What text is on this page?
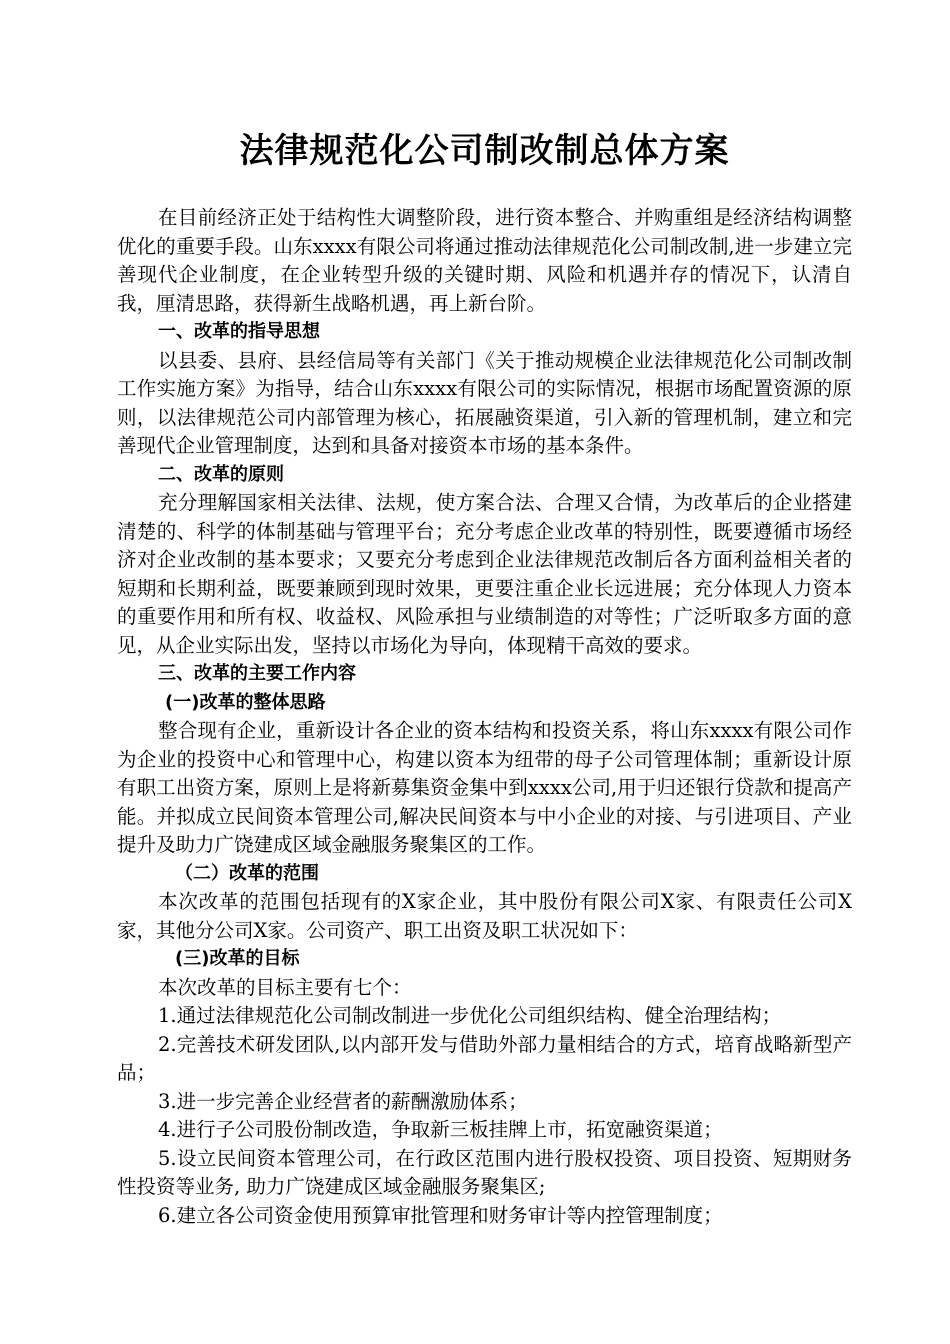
法律规范化公司制改制总体方案

在目前经济正处于结构性大调整阶段，进行资本整合、并购重组是经济结构调整优化的重要手段。山东xxxx有限公司将通过推动法律规范化公司制改制,进一步建立完善现代企业制度，在企业转型升级的关键时期、风险和机遇并存的情况下，认清自我，厘清思路，获得新生战略机遇，再上新台阶。

一、改革的指导思想

以县委、县府、县经信局等有关部门《关于推动规模企业法律规范化公司制改制工作实施方案》为指导，结合山东xxxx有限公司的实际情况，根据市场配置资源的原则，以法律规范公司内部管理为核心，拓展融资渠道，引入新的管理机制，建立和完善现代企业管理制度，达到和具备对接资本市场的基本条件。

二、改革的原则

充分理解国家相关法律、法规，使方案合法、合理又合情，为改革后的企业搭建清楚的、科学的体制基础与管理平台；充分考虑企业改革的特别性，既要遵循市场经济对企业改制的基本要求；又要充分考虑到企业法律规范改制后各方面利益相关者的短期和长期利益，既要兼顾到现时效果，更要注重企业长远进展；充分体现人力资本的重要作用和所有权、收益权、风险承担与业绩制造的对等性；广泛听取多方面的意见，从企业实际出发，坚持以市场化为导向，体现精干高效的要求。

三、改革的主要工作内容
(一)改革的整体思路

整合现有企业，重新设计各企业的资本结构和投资关系，将山东xxxx有限公司作为企业的投资中心和管理中心，构建以资本为纽带的母子公司管理体制；重新设计原有职工出资方案，原则上是将新募集资金集中到xxxx公司,用于归还银行贷款和提高产能。并拟成立民间资本管理公司,解决民间资本与中小企业的对接、与引进项目、产业提升及助力广饶建成区域金融服务聚集区的工作。

（二）改革的范围

本次改革的范围包括现有的X家企业，其中股份有限公司X家、有限责任公司X家，其他分公司X家。公司资产、职工出资及职工状况如下：

(三)改革的目标

本次改革的目标主要有七个：

1.通过法律规范化公司制改制进一步优化公司组织结构、健全治理结构；

2.完善技术研发团队,以内部开发与借助外部力量相结合的方式，培育战略新型产品；

3.进一步完善企业经营者的薪酬激励体系；

4.进行子公司股份制改造，争取新三板挂牌上市，拓宽融资渠道；

5.设立民间资本管理公司，在行政区范围内进行股权投资、项目投资、短期财务性投资等业务, 助力广饶建成区域金融服务聚集区;

6.建立各公司资金使用预算审批管理和财务审计等内控管理制度；
